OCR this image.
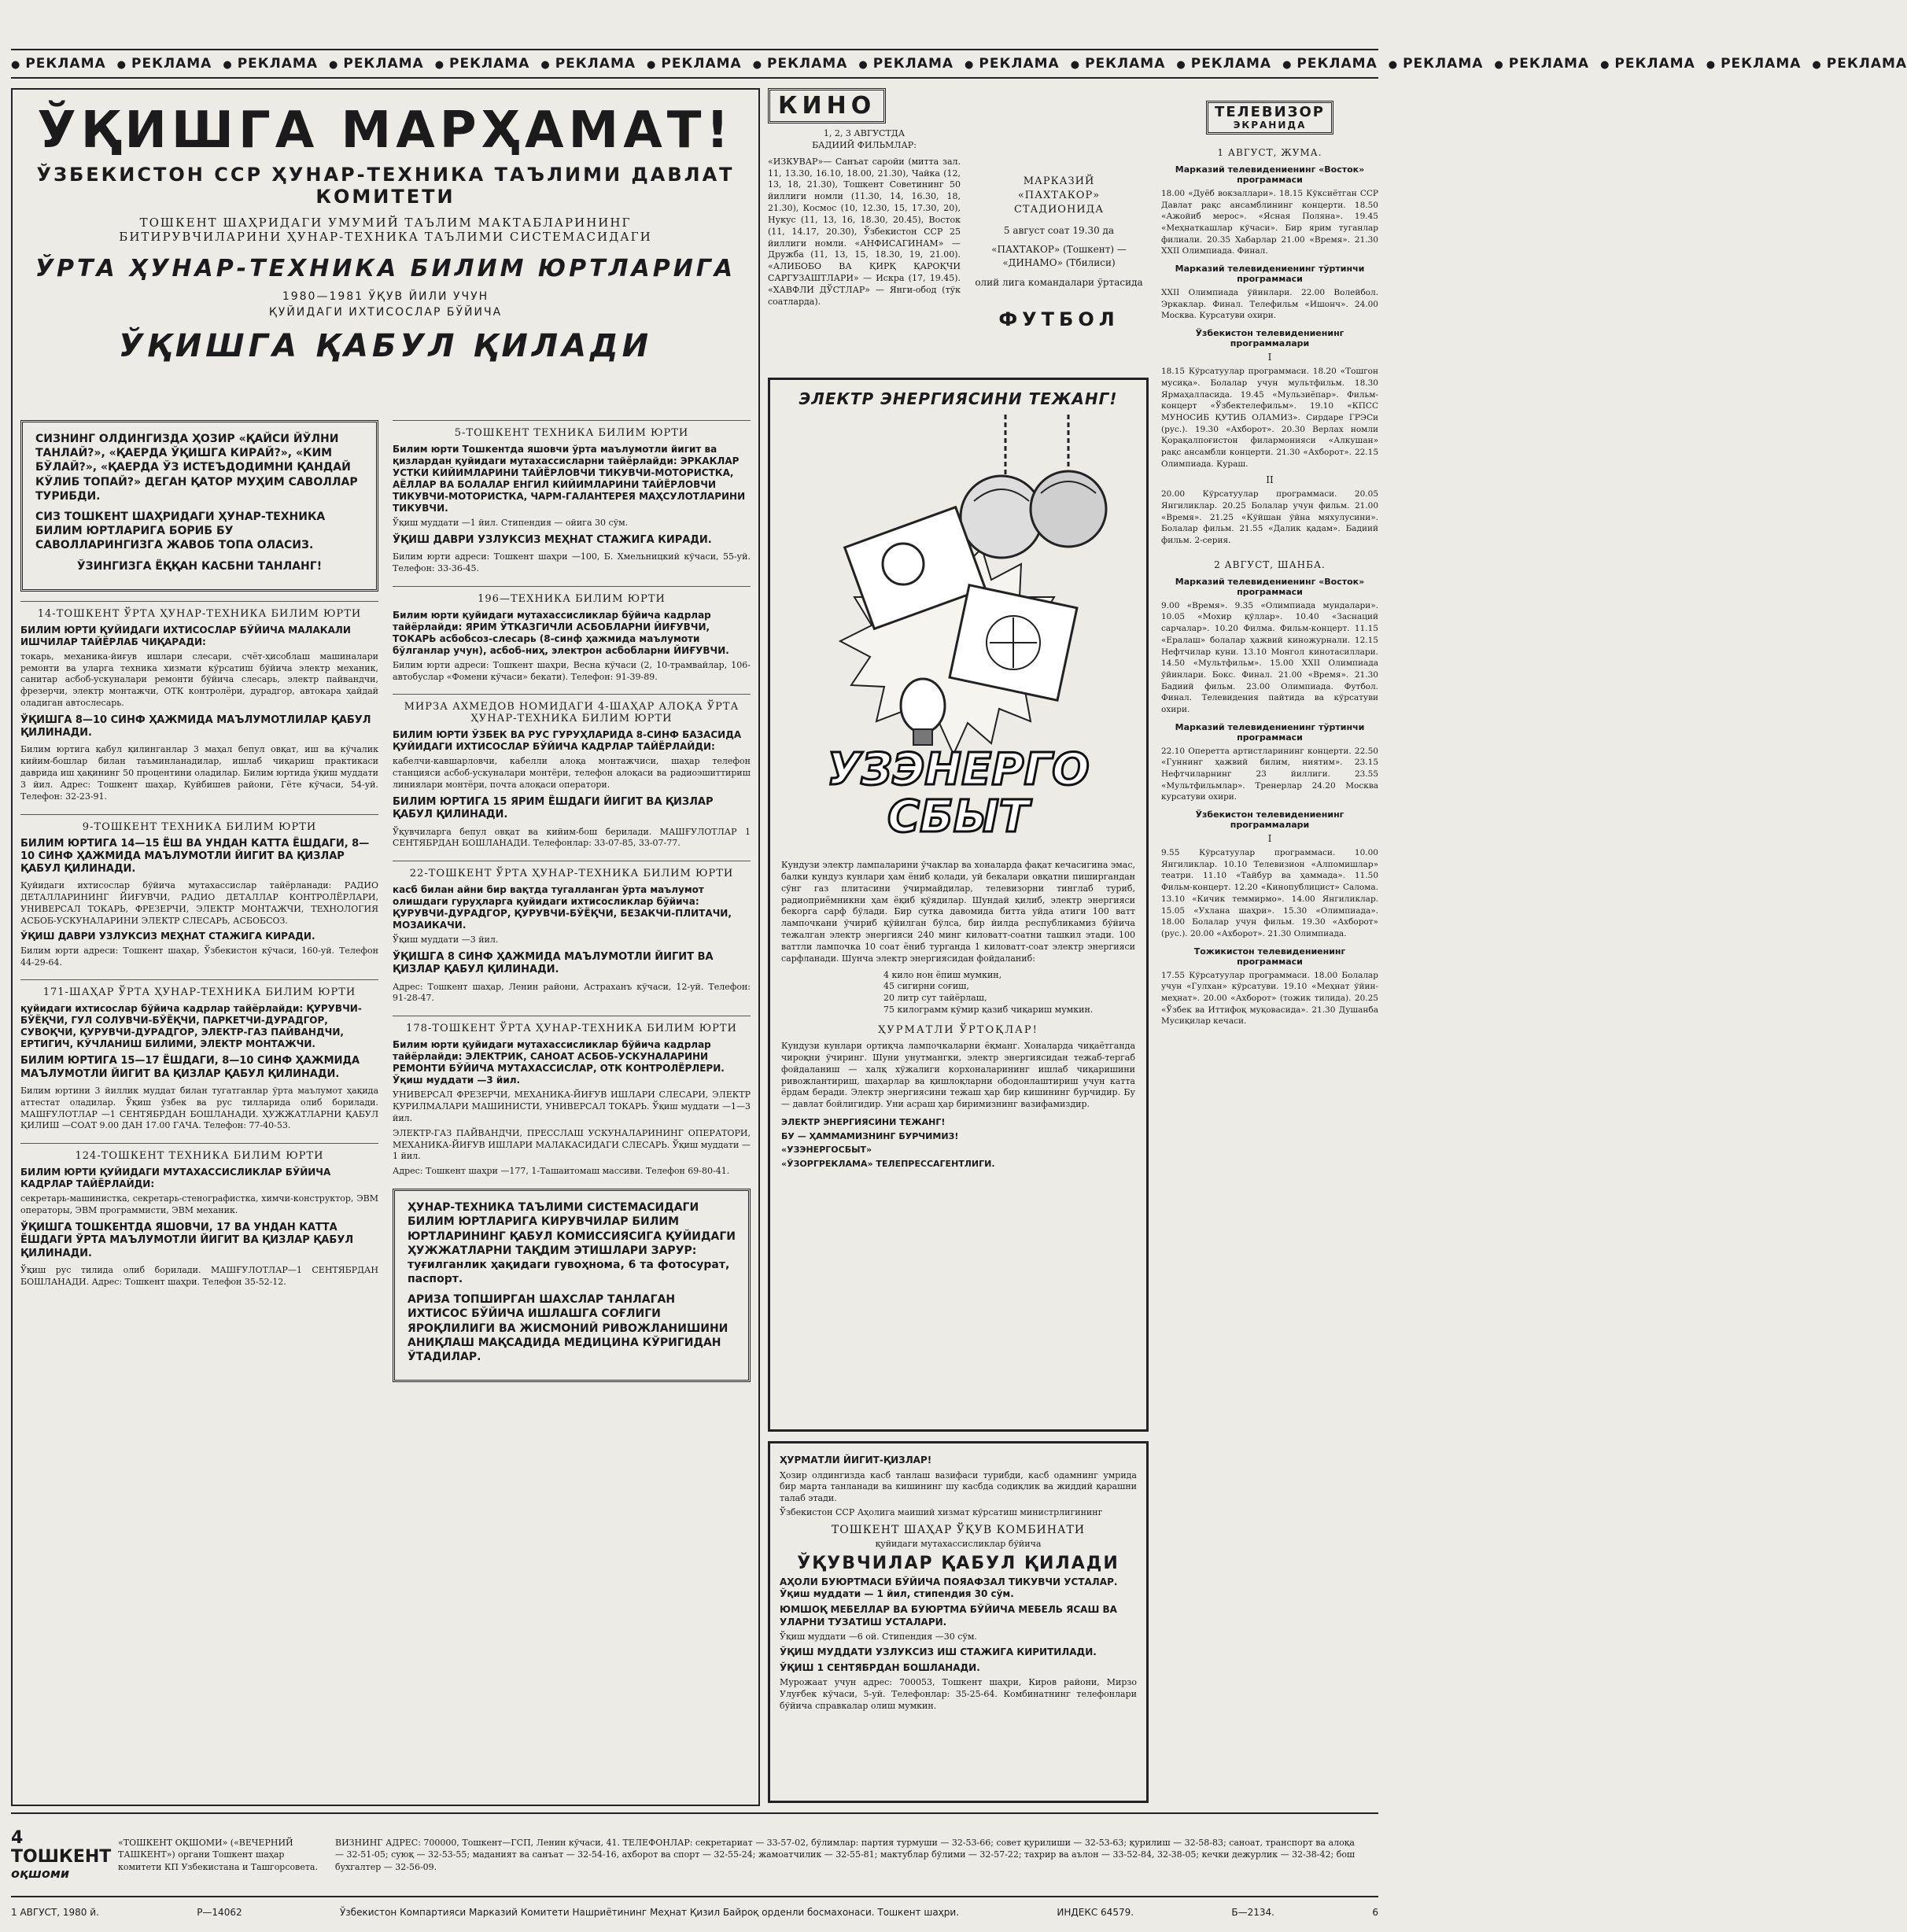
● РЕКЛАМА	● РЕКЛАМА	● РЕКЛАМА	● РЕКЛАМА	● РЕКЛАМА	● РЕКЛАМА	● РЕКЛАМА	● РЕКЛАМА	● РЕКЛАМА	● РЕКЛАМА	● РЕКЛАМА	● РЕКЛАМА	● РЕКЛАМА	● РЕКЛАМА	● РЕКЛАМА	● РЕКЛАМА	● РЕКЛАМА	● РЕКЛАМА
ЎҚИШГА МАРҲАМАТ!
ЎЗБЕКИСТОН ССР ҲУНАР-ТЕХНИКА ТАЪЛИМИ ДАВЛАТ КОМИТЕТИ
ТОШКЕНТ ШАҲРИДАГИ УМУМИЙ ТАЪЛИМ МАКТАБЛАРИНИНГ БИТИРУВЧИЛАРИНИ ҲУНАР-ТЕХНИКА ТАЪЛИМИ СИСТЕМАСИДАГИ
ЎРТА ҲУНАР-ТЕХНИКА БИЛИМ ЮРТЛАРИГА
1980—1981 ЎҚУВ ЙИЛИ УЧУН
ҚУЙИДАГИ ИХТИСОСЛАР БЎЙИЧА
ЎҚИШГА ҚАБУЛ ҚИЛАДИ

СИЗНИНГ ОЛДИНГИЗДА ҲОЗИР «ҚАЙСИ ЙЎЛНИ ТАНЛАЙ?», «ҚАЕРДА ЎҚИШГА КИРАЙ?», «КИМ БЎЛАЙ?», «ҚАЕРДА ЎЗ ИСТЕЪДОДИМНИ ҚАНДАЙ КЎЛИБ ТОПАЙ?» ДЕГАН ҚАТОР МУҲИМ САВОЛЛАР ТУРИБДИ.

СИЗ ТОШКЕНТ ШАҲРИДАГИ ҲУНАР-ТЕХНИКА БИЛИМ ЮРТЛАРИГА БОРИБ БУ САВОЛЛАРИНГИЗГА ЖАВОБ ТОПА ОЛАСИЗ.

ЎЗИНГИЗГА ЁҚҚАН КАСБНИ ТАНЛАНГ!

14-ТОШКЕНТ ЎРТА ҲУНАР-ТЕХНИКА БИЛИМ ЮРТИ
БИЛИМ ЮРТИ ҚУЙИДАГИ ИХТИСОСЛАР БЎЙИЧА МАЛАКАЛИ ИШЧИЛАР ТАЙЁРЛАБ ЧИҚАРАДИ:

токарь, механика-йиғув ишлари слесари, счёт-ҳисоблаш машиналари ремонти ва уларга техника хизмати кўрсатиш бўйича электр механик, санитар асбоб-ускуналари ремонти бўйича слесарь, электр пайвандчи, фрезерчи, электр монтажчи, ОТК контролёри, дурадгор, автокара ҳайдай оладиган автослесарь.

ЎҚИШГА 8—10 СИНФ ҲАЖМИДА МАЪЛУМОТЛИЛАР ҚАБУЛ ҚИЛИНАДИ.

Билим юртига қабул қилинганлар 3 маҳал бепул овқат, иш ва кўчалик кийим-бошлар билан таъминланадилар, ишлаб чиқариш практикаси даврида иш ҳақининг 50 процентини оладилар. Билим юртида ўқиш муддати 3 йил. Адрес: Тошкент шаҳар, Куйбишев райони, Гёте кўчаси, 54-уй. Телефон: 32-23-91.

9-ТОШКЕНТ ТЕХНИКА БИЛИМ ЮРТИ
БИЛИМ ЮРТИГА 14—15 ЁШ ВА УНДАН КАТТА ЁШДАГИ, 8—10 СИНФ ҲАЖМИДА МАЪЛУМОТЛИ ЙИГИТ ВА ҚИЗЛАР ҚАБУЛ ҚИЛИНАДИ.

Қуйидаги ихтисослар бўйича мутахассислар тайёрланади: РАДИО ДЕТАЛЛАРИНИНГ ЙИҒУВЧИ, РАДИО ДЕТАЛЛАР КОНТРОЛЁРЛАРИ, УНИВЕРСАЛ ТОКАРЬ, ФРЕЗЕРЧИ, ЭЛЕКТР МОНТАЖЧИ, ТЕХНОЛОГИЯ АСБОБ-УСКУНАЛАРИНИ ЭЛЕКТР СЛЕСАРЬ, АСБОБСОЗ.

ЎҚИШ ДАВРИ УЗЛУКСИЗ МЕҲНАТ СТАЖИГА КИРАДИ.

Билим юрти адреси: Тошкент шаҳар, Ўзбекистон кўчаси, 160-уй. Телефон 44-29-64.

171-ШАҲАР ЎРТА ҲУНАР-ТЕХНИКА БИЛИМ ЮРТИ
қуйидаги ихтисослар бўйича кадрлар тайёрлайди: ҚУРУВЧИ-БЎЁҚЧИ, ГУЛ СОЛУВЧИ-БЎЁҚЧИ, ПАРКЕТЧИ-ДУРАДГОР, СУВОҚЧИ, ҚУРУВЧИ-ДУРАДГОР, ЭЛЕКТР-ГАЗ ПАЙВАНДЧИ, ЕРТИГИЧ, КЎЧЛАНИШ БИЛИМИ, ЭЛЕКТР МОНТАЖЧИ.
БИЛИМ ЮРТИГА 15—17 ЁШДАГИ, 8—10 СИНФ ҲАЖМИДА МАЪЛУМОТЛИ ЙИГИТ ВА ҚИЗЛАР ҚАБУЛ ҚИЛИНАДИ.

Билим юртини 3 йиллик муддат билан тугатганлар ўрта маълумот ҳақида аттестат оладилар. Ўқиш ўзбек ва рус тилларида олиб борилади. МАШҒУЛОТЛАР —1 СЕНТЯБРДАН БОШЛАНАДИ. ҲУЖЖАТЛАРНИ ҚАБУЛ ҚИЛИШ —СОАТ 9.00 ДАН 17.00 ГАЧА. Телефон: 77-40-53.

124-ТОШКЕНТ ТЕХНИКА БИЛИМ ЮРТИ
БИЛИМ ЮРТИ ҚУЙИДАГИ МУТАХАССИСЛИКЛАР БЎЙИЧА КАДРЛАР ТАЙЁРЛАЙДИ:

секретарь-машинистка, секретарь-стенографистка, химчи-конструктор, ЭВМ операторы, ЭВМ программисти, ЭВМ механик.

ЎҚИШГА ТОШКЕНТДА ЯШОВЧИ, 17 ВА УНДАН КАТТА ЁШДАГИ ЎРТА МАЪЛУМОТЛИ ЙИГИТ ВА ҚИЗЛАР ҚАБУЛ ҚИЛИНАДИ.

Ўқиш рус тилида олиб борилади. МАШҒУЛОТЛАР—1 СЕНТЯБРДАН БОШЛАНАДИ. Адрес: Тошкент шаҳри. Телефон 35-52-12.

5-ТОШКЕНТ ТЕХНИКА БИЛИМ ЮРТИ
Билим юрти Тошкентда яшовчи ўрта маълумотли йигит ва қизлардан қуйидаги мутахассисларни тайёрлайди: ЭРКАКЛАР УСТКИ КИЙИМЛАРИНИ ТАЙЁРЛОВЧИ ТИКУВЧИ-МОТОРИСТКА, АЁЛЛАР ВА БОЛАЛАР ЕНГИЛ КИЙИМЛАРИНИ ТАЙЁРЛОВЧИ ТИКУВЧИ-МОТОРИСТКА, ЧАРМ-ГАЛАНТЕРЕЯ МАҲСУЛОТЛАРИНИ ТИКУВЧИ.

Ўқиш муддати —1 йил. Стипендия — ойига 30 сўм.

ЎҚИШ ДАВРИ УЗЛУКСИЗ МЕҲНАТ СТАЖИГА КИРАДИ.

Билим юрти адреси: Тошкент шаҳри —100, Б. Хмельницкий кўчаси, 55-уй. Телефон: 33-36-45.

196—ТЕХНИКА БИЛИМ ЮРТИ
Билим юрти қуйидаги мутахассисликлар бўйича кадрлар тайёрлайди: ЯРИМ ЎТКАЗГИЧЛИ АСБОБЛАРНИ ЙИҒУВЧИ, ТОКАРЬ асбобсоз-слесарь (8-синф ҳажмида маълумоти бўлганлар учун), асбоб-ниҳ, электрон асбобларни ЙИҒУВЧИ.

Билим юрти адреси: Тошкент шаҳри, Весна кўчаси (2, 10-трамвайлар, 106-автобуслар «Фомени кўчаси» бекати). Телефон: 91-39-89.

МИРЗА АХМЕДОВ НОМИДАГИ 4-ШАҲАР АЛОҚА ЎРТА ҲУНАР-ТЕХНИКА БИЛИМ ЮРТИ
БИЛИМ ЮРТИ ЎЗБЕК ВА РУС ГУРУҲЛАРИДА 8-СИНФ БАЗАСИДА ҚУЙИДАГИ ИХТИСОСЛАР БЎЙИЧА КАДРЛАР ТАЙЁРЛАЙДИ:

кабелчи-кавшарловчи, кабелли алоқа монтажчиси, шаҳар телефон станцияси асбоб-ускуналари монтёри, телефон алоқаси ва радиоэшиттириш линиялари монтёри, почта алоқаси оператори.

БИЛИМ ЮРТИГА 15 ЯРИМ ЁШДАГИ ЙИГИТ ВА ҚИЗЛАР ҚАБУЛ ҚИЛИНАДИ.

Ўқувчиларга бепул овқат ва кийим-бош берилади. МАШҒУЛОТЛАР 1 СЕНТЯБРДАН БОШЛАНАДИ. Телефонлар: 33-07-85, 33-07-77.

22-ТОШКЕНТ ЎРТА ҲУНАР-ТЕХНИКА БИЛИМ ЮРТИ
касб билан айни бир вақтда тугалланган ўрта маълумот олишдаги гуруҳларга қуйидаги ихтисосликлар бўйича: ҚУРУВЧИ-ДУРАДГОР, ҚУРУВЧИ-БЎЁҚЧИ, БЕЗАКЧИ-ПЛИТАЧИ, МОЗАИКАЧИ.

Ўқиш муддати —3 йил.

ЎҚИШГА 8 СИНФ ҲАЖМИДА МАЪЛУМОТЛИ ЙИГИТ ВА ҚИЗЛАР ҚАБУЛ ҚИЛИНАДИ.

Адрес: Тошкент шаҳар, Ленин райони, Астраханъ кўчаси, 12-уй. Телефон: 91-28-47.

178-ТОШКЕНТ ЎРТА ҲУНАР-ТЕХНИКА БИЛИМ ЮРТИ
Билим юрти қуйидаги мутахассисликлар бўйича кадрлар тайёрлайди: ЭЛЕКТРИК, САНОАТ АСБОБ-УСКУНАЛАРИНИ РЕМОНТИ БЎЙИЧА МУТАХАССИСЛАР, ОТК КОНТРОЛЁРЛЕРИ. Ўқиш муддати —3 йил.

УНИВЕРСАЛ ФРЕЗЕРЧИ, МЕХАНИКА-ЙИҒУВ ИШЛАРИ СЛЕСАРИ, ЭЛЕКТР ҚУРИЛМАЛАРИ МАШИНИСТИ, УНИВЕРСАЛ ТОКАРЬ. Ўқиш муддати —1—3 йил.

ЭЛЕКТР-ГАЗ ПАЙВАНДЧИ, ПРЕССЛАШ УСКУНАЛАРИНИНГ ОПЕРАТОРИ, МЕХАНИКА-ЙИҒУВ ИШЛАРИ МАЛАКАСИДАГИ СЛЕСАРЬ. Ўқиш муддати —1 йил.

Адрес: Тошкент шаҳри —177, 1-Ташаитомаш массиви. Телефон 69-80-41.

ҲУНАР-ТЕХНИКА ТАЪЛИМИ СИСТЕМАСИДАГИ БИЛИМ ЮРТЛАРИГА КИРУВЧИЛАР БИЛИМ ЮРТЛАРИНИНГ ҚАБУЛ КОМИССИЯСИГА ҚУЙИДАГИ ҲУЖЖАТЛАРНИ ТАҚДИМ ЭТИШЛАРИ ЗАРУР: туғилганлик ҳақидаги гувоҳнома, 6 та фотосурат, паспорт.

АРИЗА ТОПШИРГАН ШАХСЛАР ТАНЛАГАН ИХТИСОС БЎЙИЧА ИШЛАШГА СОҒЛИГИ ЯРОҚЛИЛИГИ ВА ЖИСМОНИЙ РИВОЖЛАНИШИНИ АНИҚЛАШ МАҚСАДИДА МЕДИЦИНА КЎРИГИДАН ЎТАДИЛАР.

КИНО
1, 2, 3 АВГУСТДА
БАДИИЙ ФИЛЬМЛАР:
«ИЗКУВАР»— Санъат саройи (митта зал. 11, 13.30, 16.10, 18.00, 21.30), Чайка (12, 13, 18, 21.30), Тошкент Советининг 50 йиллиги номли (11.30, 14, 16.30, 18, 21.30), Космос (10, 12.30, 15, 17.30, 20), Нукус (11, 13, 16, 18.30, 20.45), Восток (11, 14.17, 20.30), Ўзбекистон ССР 25 йиллиги номли. «АНФИСАГИНАМ» — Дружба (11, 13, 15, 18.30, 19, 21.00). «АЛИБОБО ВА ҚИРҚ ҚАРОҚЧИ САРГУЗАШТЛАРИ» — Искра (17, 19.45). «ХАВФЛИ ДЎСТЛАР» — Янги-обод (тўк соатларда).
МАРКАЗИЙ
«ПАХТАКОР»
СТАДИОНИДА
5 август соат 19.30 да
«ПАХТАКОР» (Тошкент) — «ДИНАМО» (Тбилиси)
олий лига командалари ўртасида
ФУТБОЛ
ЭЛЕКТР ЭНЕРГИЯСИНИ ТЕЖАНГ!
УЗЭНЕРГО
СБЫТ

Кундузи электр лампаларини ўчаклар ва хоналарда фақат кечасигина эмас, балки кундуз кунлари ҳам ёниб қолади, уй бекалари овқатни пиширгандан сўнг газ плитасини ўчирмайдилар, телевизорни тинглаб туриб, радиоприёмникни ҳам ёқиб қўядилар. Шундай қилиб, электр энергияси бекорга сарф бўлади. Бир сутка давомида битта уйда атиги 100 ватт лампочкани ўчириб қўйилган бўлса, бир йилда республикамиз бўйича тежалган электр энергияси 240 минг киловатт-соатни ташкил этади. 100 ваттли лампочка 10 соат ёниб турганда 1 киловатт-соат электр энергияси сарфланади. Шунча электр энергиясидан фойдаланиб:

4 кило нон ёпиш мумкин,
45 сигирни соғиш,
20 литр сут тайёрлаш,
75 килограмм кўмир қазиб чиқариш мумкин.
ҲУРМАТЛИ ЎРТОҚЛАР!

Кундузи кунлари ортиқча лампочкаларни ёқманг. Хоналарда чиқаётганда чироқни ўчиринг. Шуни унутмангки, электр энергиясидан тежаб-тергаб фойдаланиш — халқ хўжалиги корхоналарининг ишлаб чиқаришини ривожлантириш, шаҳарлар ва қишлоқларни ободонлаштириш учун катта ёрдам беради. Электр энергиясини тежаш ҳар бир кишининг бурчидир. Бу — давлат бойлигидир. Уни асраш ҳар биримизнинг вазифамиздир.

ЭЛЕКТР ЭНЕРГИЯСИНИ ТЕЖАНГ!
БУ — ҲАММАМИЗНИНГ БУРЧИМИЗ!
«УЗЭНЕРГОСБЫТ»
«ЎЗОРГРЕКЛАМА» ТЕЛЕПРЕССАГЕНТЛИГИ.
ҲУРМАТЛИ ЙИГИТ-ҚИЗЛАР!

Ҳозир олдингизда касб танлаш вазифаси турибди, касб одамнинг умрида бир марта танланади ва кишининг шу касбда содиқлик ва жиддий қарашни талаб этади.

Ўзбекистон ССР Аҳолига маиший хизмат кўрсатиш министрлигининг

ТОШКЕНТ ШАҲАР ЎҚУВ КОМБИНАТИ
қуйидаги мутахассисликлар бўйича
ЎҚУВЧИЛАР ҚАБУЛ ҚИЛАДИ
АҲОЛИ БУЮРТМАСИ БЎЙИЧА ПОЯАФЗАЛ ТИКУВЧИ УСТАЛАР. Ўқиш муддати — 1 йил, стипендия 30 сўм.
ЮМШОҚ МЕБЕЛЛАР ВА БУЮРТМА БЎЙИЧА МЕБЕЛЬ ЯСАШ ВА УЛАРНИ ТУЗАТИШ УСТАЛАРИ.

Ўқиш муддати —6 ой. Стипендия —30 сўм.

ЎҚИШ МУДДАТИ УЗЛУКСИЗ ИШ СТАЖИГА КИРИТИЛАДИ.
ЎҚИШ 1 СЕНТЯБРДАН БОШЛАНАДИ.

Мурожаат учун адрес: 700053, Тошкент шаҳри, Киров райони, Мирзо Улуғбек кўчаси, 5-уй. Телефонлар: 35-25-64. Комбинатнинг телефонлари бўйича справкалар олиш мумкин.

ТЕЛЕВИЗОР
ЭКРАНИДА
1 АВГУСТ, ЖУМА.
Марказий телевидениенинг «Восток» программаси

18.00 «Дуёб вокзаллари». 18.15 Кўксиётган ССР Давлат рақс ансамблининг концерти. 18.50 «Ажойиб мерос». «Ясная Поляна». 19.45 «Меҳнаткашлар кўчаси». Бир ярим туганлар филиали. 20.35 Хабарлар 21.00 «Время». 21.30 XXII Олимпиада. Финал.

Марказий телевидениенинг тўртинчи программаси

XXII Олимпиада ўйинлари. 22.00 Волейбол. Эркаклар. Финал. Телефильм «Ишонч». 24.00 Москва. Курсатуви охири.

Ўзбекистон телевидениенинг программалари
I

18.15 Кўрсатуулар программаси. 18.20 «Тошгон мусиқа». Болалар учун мультфильм. 18.30 Ярмаҳалласида. 19.45 «Мульзиёпар». Фильм-концерт «Ўзбектелефильм». 19.10 «КПСС МУНОСИБ ҚУТИБ ОЛАМИЗ». Сирдаре ГРЭСи (рус.). 19.30 «Ахборот». 20.30 Верлах номли Қорақалпоғистон филармонияси «Алкушан» рақс ансамбли концерти. 21.30 «Ахборот». 22.15 Олимпиада. Кураш.

II

20.00 Кўрсатуулар программаси. 20.05 Янгиликлар. 20.25 Болалар учун фильм. 21.00 «Время». 21.25 «Кўйшан ўйна мяхулусини». Болалар фильм. 21.55 «Далик қадам». Бадиий фильм. 2-серия.

2 АВГУСТ, ШАНБА.
Марказий телевидениенинг «Восток» программаси

9.00 «Время». 9.35 «Олимпиада мундалари». 10.05 «Мохир қўллар». 10.40 «Заснаций сарчалар». 10.20 Филма. Фильм-концерт. 11.15 «Ералаш» болалар ҳажвий киножурнали. 12.15 Нефтчилар куни. 13.10 Монгол кинотасиллари. 14.50 «Мультфильм». 15.00 XXII Олимпиада ўйинлари. Бокс. Финал. 21.00 «Время». 21.30 Бадиий фильм. 23.00 Олимпиада. Футбол. Финал. Телевидения пайтида ва кўрсатуви охири.

Марказий телевидениенинг тўртинчи программаси

22.10 Оперетта артистларининг концерти. 22.50 «Гуннинг ҳажвий билим, ниятим». 23.15 Нефтчиларнинг 23 йиллиги. 23.55 «Мультфильмлар». Тренерлар 24.20 Москва курсатуви охири.

Ўзбекистон телевидениенинг программалари
I

9.55 Кўрсатуулар программаси. 10.00 Янгиликлар. 10.10 Телевизион «Алпомишлар» театри. 11.10 «Тайбур ва ҳаммада». 11.50 Фильм-концерт. 12.20 «Кинопублицист» Салома. 13.10 «Кичик теммирмо». 14.00 Янгиликлар. 15.05 «Ухлана шаҳри». 15.30 «Олимпиада». 18.00 Болалар учун фильм. 19.30 «Ахборот» (рус.). 20.00 «Ахборот». 21.30 Олимпиада.

Тожикистон телевидениенинг программаси

17.55 Кўрсатуулар программаси. 18.00 Болалар учун «Гулхан» кўрсатуви. 19.10 «Меҳнат ўйин-меҳнат». 20.00 «Ахборот» (тожик тилида). 20.25 «Ўзбек ва Иттифоқ муқовасида». 21.30 Душанба Мусиқилар кечаси.

4 ТОШКЕНТ
оқшоми
«ТОШКЕНТ ОҚШОМИ» («ВЕЧЕРНИЙ ТАШКЕНТ») органи Тошкент шаҳар комитети КП Узбекистана и Ташгорсовета.
ВИЗНИНГ АДРЕС: 700000, Тошкент—ГСП, Ленин кўчаси, 41. ТЕЛЕФОНЛАР: секретариат — 33-57-02, бўлимлар: партия турмуши — 32-53-66; совет қурилиши — 32-53-63; қурилиш — 32-58-83; саноат, транспорт ва алоқа — 32-51-05; суюқ — 32-53-55; маданият ва санъат — 32-54-16, ахборот ва спорт — 32-55-24; жамоатчилик — 32-55-81; мактублар бўлими — 32-57-22; тахрир ва аълон — 33-52-84, 32-38-05; кечки дежурлик — 32-38-42; бош бухгалтер — 32-56-09.
1 АВГУСТ, 1980 й.	Р—14062	Ўзбекистон Компартияси Марказий Комитети Нашриётининг Меҳнат Қизил Байроқ орденли босмахонаси. Тошкент шаҳри.	ИНДЕКС 64579.	Б—2134.	6
